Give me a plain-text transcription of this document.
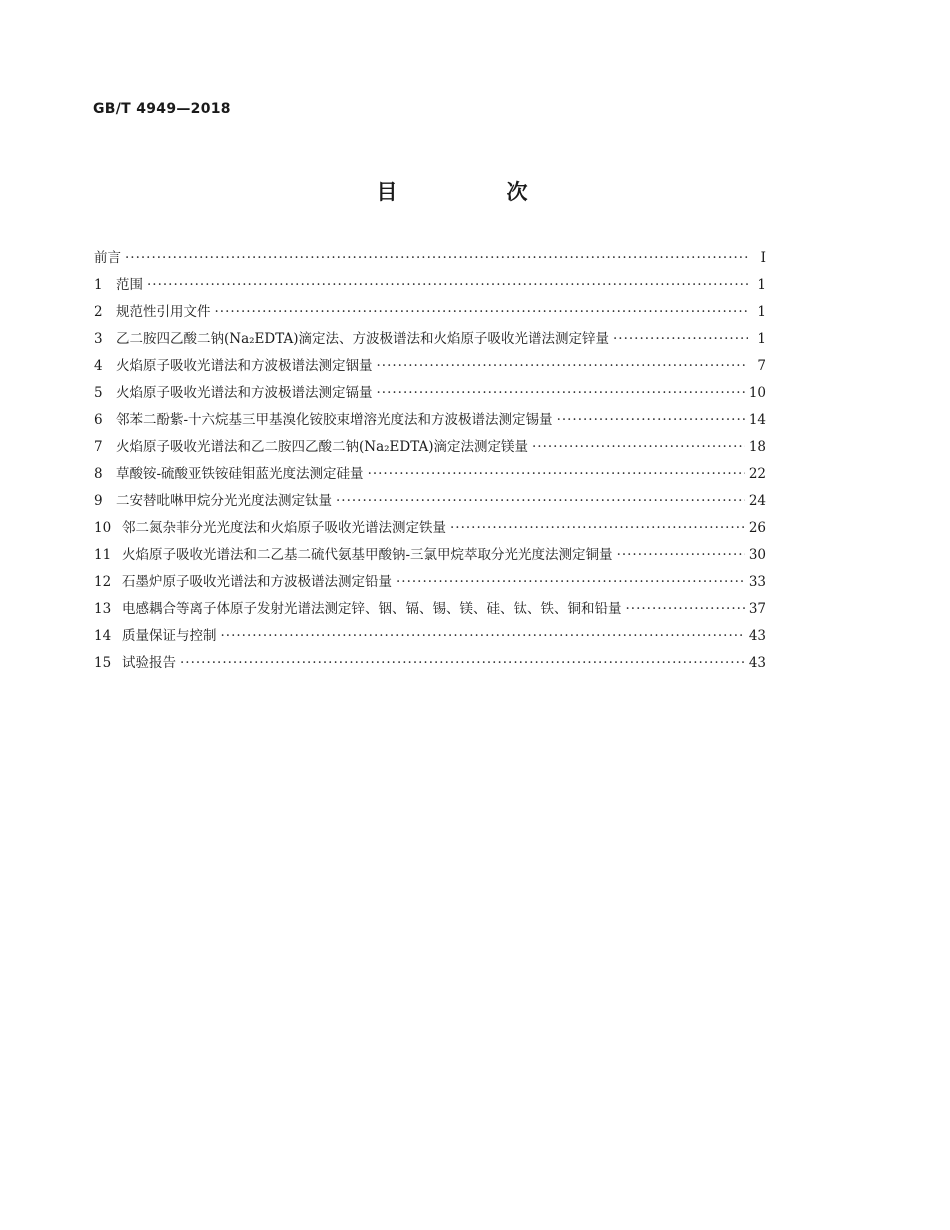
GB/T 4949—2018
目　次
前言 ·····	Ⅰ
1 范围 ·····	1
2 规范性引用文件 ·····	1
3 乙二胺四乙酸二钠(Na₂EDTA)滴定法、方波极谱法和火焰原子吸收光谱法测定锌量 ·····	1
4 火焰原子吸收光谱法和方波极谱法测定铟量 ·····	7
5 火焰原子吸收光谱法和方波极谱法测定镉量 ·····	10
6 邻苯二酚紫-十六烷基三甲基溴化铵胶束增溶光度法和方波极谱法测定锡量 ·····	14
7 火焰原子吸收光谱法和乙二胺四乙酸二钠(Na₂EDTA)滴定法测定镁量 ·····	18
8 草酸铵-硫酸亚铁铵硅钼蓝光度法测定硅量 ·····	22
9 二安替吡啉甲烷分光光度法测定钛量 ·····	24
10 邻二氮杂菲分光光度法和火焰原子吸收光谱法测定铁量 ·····	26
11 火焰原子吸收光谱法和二乙基二硫代氨基甲酸钠-三氯甲烷萃取分光光度法测定铜量 ·····	30
12 石墨炉原子吸收光谱法和方波极谱法测定铅量 ·····	33
13 电感耦合等离子体原子发射光谱法测定锌、铟、镉、锡、镁、硅、钛、铁、铜和铅量 ·····	37
14 质量保证与控制 ·····	43
15 试验报告 ·····	43
